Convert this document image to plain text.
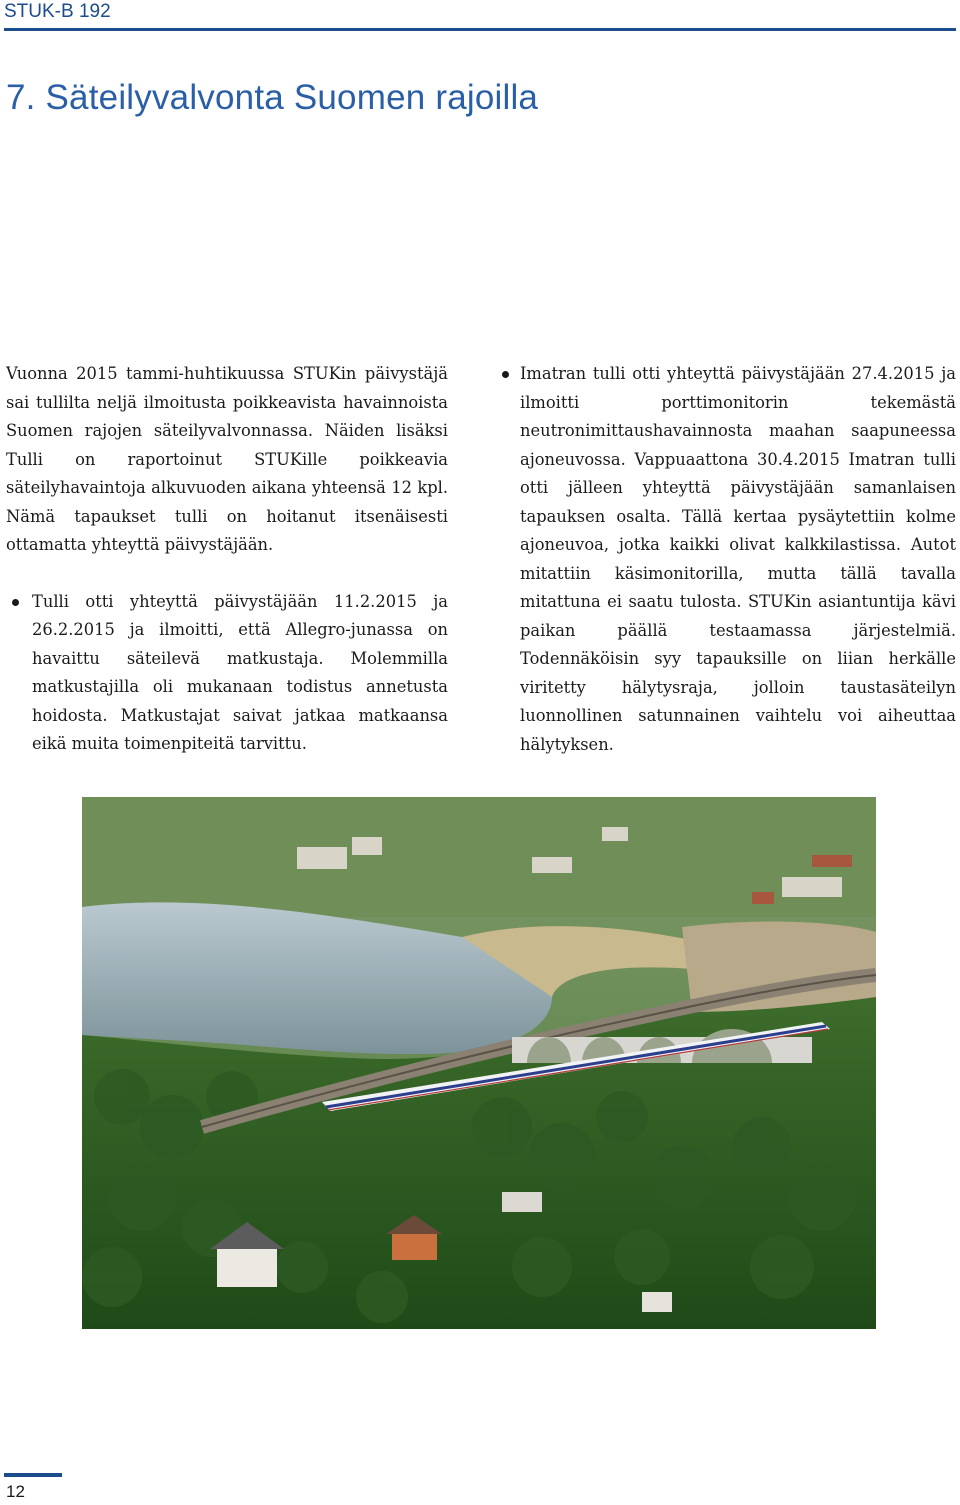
STUK-B 192
7. Säteilyvalvonta Suomen rajoilla

Vuonna 2015 tammi-huhtikuussa STUKin päivystäjä sai tullilta neljä ilmoitusta poikkeavista havainnoista Suomen rajojen säteilyvalvonnassa. Näiden lisäksi Tulli on raportoinut STUKille poikkeavia säteilyhavaintoja alkuvuoden aikana yhteensä 12 kpl. Nämä tapaukset tulli on hoitanut itsenäisesti ottamatta yhteyttä päivystäjään.

Tulli otti yhteyttä päivystäjään 11.2.2015 ja 26.2.2015 ja ilmoitti, että Allegro-junassa on havaittu säteilevä matkustaja. Molemmilla matkustajilla oli mukanaan todistus annetusta hoidosta. Matkustajat saivat jatkaa matkaansa eikä muita toimenpiteitä tarvittu.
Imatran tulli otti yhteyttä päivystäjään 27.4.2015 ja ilmoitti porttimonitorin tekemästä neutronimittaushavainnosta maahan saapuneessa ajoneuvossa. Vappuaattona 30.4.2015 Imatran tulli otti jälleen yhteyttä päivystäjään samanlaisen tapauksen osalta. Tällä kertaa pysäytettiin kolme ajoneuvoa, jotka kaikki olivat kalkkilastissa. Autot mitattiin käsimonitorilla, mutta tällä tavalla mitattuna ei saatu tulosta. STUKin asiantuntija kävi paikan päällä testaamassa järjestelmiä. Todennäköisin syy tapauksille on liian herkälle viritetty hälytysraja, jolloin taustasäteilyn luonnollinen satunnainen vaihtelu voi aiheuttaa hälytyksen.
12
